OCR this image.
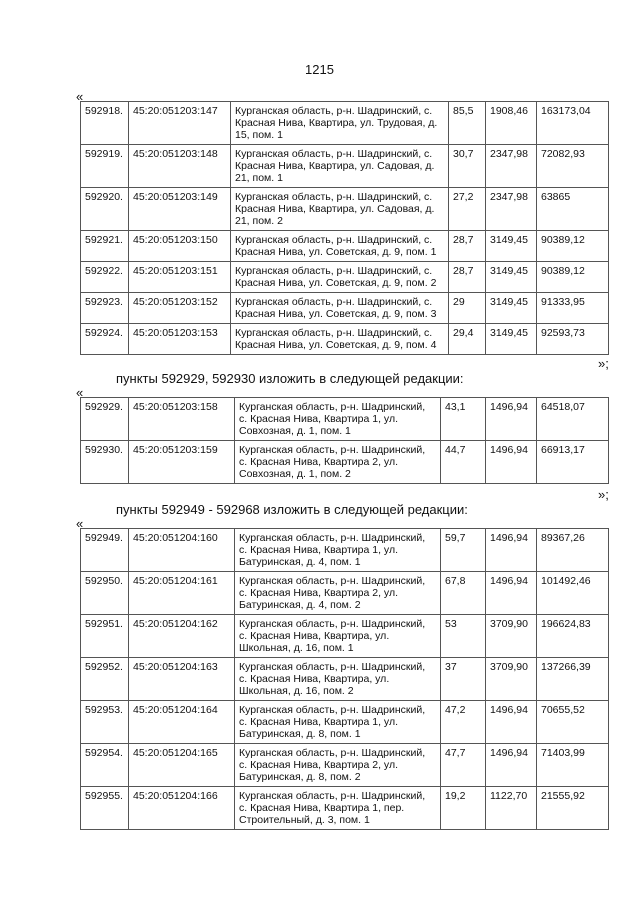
1215
«
592918.	45:20:051203:147	Курганская область, р-н. Шадринский, с. Красная Нива, Квартира, ул. Трудовая, д. 15, пом. 1	85,5	1908,46	163173,04
592919.	45:20:051203:148	Курганская область, р-н. Шадринский, с. Красная Нива, Квартира, ул. Садовая, д. 21, пом. 1	30,7	2347,98	72082,93
592920.	45:20:051203:149	Курганская область, р-н. Шадринский, с. Красная Нива, Квартира, ул. Садовая, д. 21, пом. 2	27,2	2347,98	63865
592921.	45:20:051203:150	Курганская область, р-н. Шадринский, с. Красная Нива, ул. Советская, д. 9, пом. 1	28,7	3149,45	90389,12
592922.	45:20:051203:151	Курганская область, р-н. Шадринский, с. Красная Нива, ул. Советская, д. 9, пом. 2	28,7	3149,45	90389,12
592923.	45:20:051203:152	Курганская область, р-н. Шадринский, с. Красная Нива, ул. Советская, д. 9, пом. 3	29	3149,45	91333,95
592924.	45:20:051203:153	Курганская область, р-н. Шадринский, с. Красная Нива, ул. Советская, д. 9, пом. 4	29,4	3149,45	92593,73
»;
пункты 592929, 592930 изложить в следующей редакции:
«
592929.	45:20:051203:158	Курганская область, р-н. Шадринский, с. Красная Нива, Квартира 1, ул. Совхозная, д. 1, пом. 1	43,1	1496,94	64518,07
592930.	45:20:051203:159	Курганская область, р-н. Шадринский, с. Красная Нива, Квартира 2, ул. Совхозная, д. 1, пом. 2	44,7	1496,94	66913,17
»;
пункты 592949 - 592968 изложить в следующей редакции:
«
592949.	45:20:051204:160	Курганская область, р-н. Шадринский, с. Красная Нива, Квартира 1, ул. Батуринская, д. 4, пом. 1	59,7	1496,94	89367,26
592950.	45:20:051204:161	Курганская область, р-н. Шадринский, с. Красная Нива, Квартира 2, ул. Батуринская, д. 4, пом. 2	67,8	1496,94	101492,46
592951.	45:20:051204:162	Курганская область, р-н. Шадринский, с. Красная Нива, Квартира, ул. Школьная, д. 16, пом. 1	53	3709,90	196624,83
592952.	45:20:051204:163	Курганская область, р-н. Шадринский, с. Красная Нива, Квартира, ул. Школьная, д. 16, пом. 2	37	3709,90	137266,39
592953.	45:20:051204:164	Курганская область, р-н. Шадринский, с. Красная Нива, Квартира 1, ул. Батуринская, д. 8, пом. 1	47,2	1496,94	70655,52
592954.	45:20:051204:165	Курганская область, р-н. Шадринский, с. Красная Нива, Квартира 2, ул. Батуринская, д. 8, пом. 2	47,7	1496,94	71403,99
592955.	45:20:051204:166	Курганская область, р-н. Шадринский, с. Красная Нива, Квартира 1, пер. Строительный, д. 3, пом. 1	19,2	1122,70	21555,92
